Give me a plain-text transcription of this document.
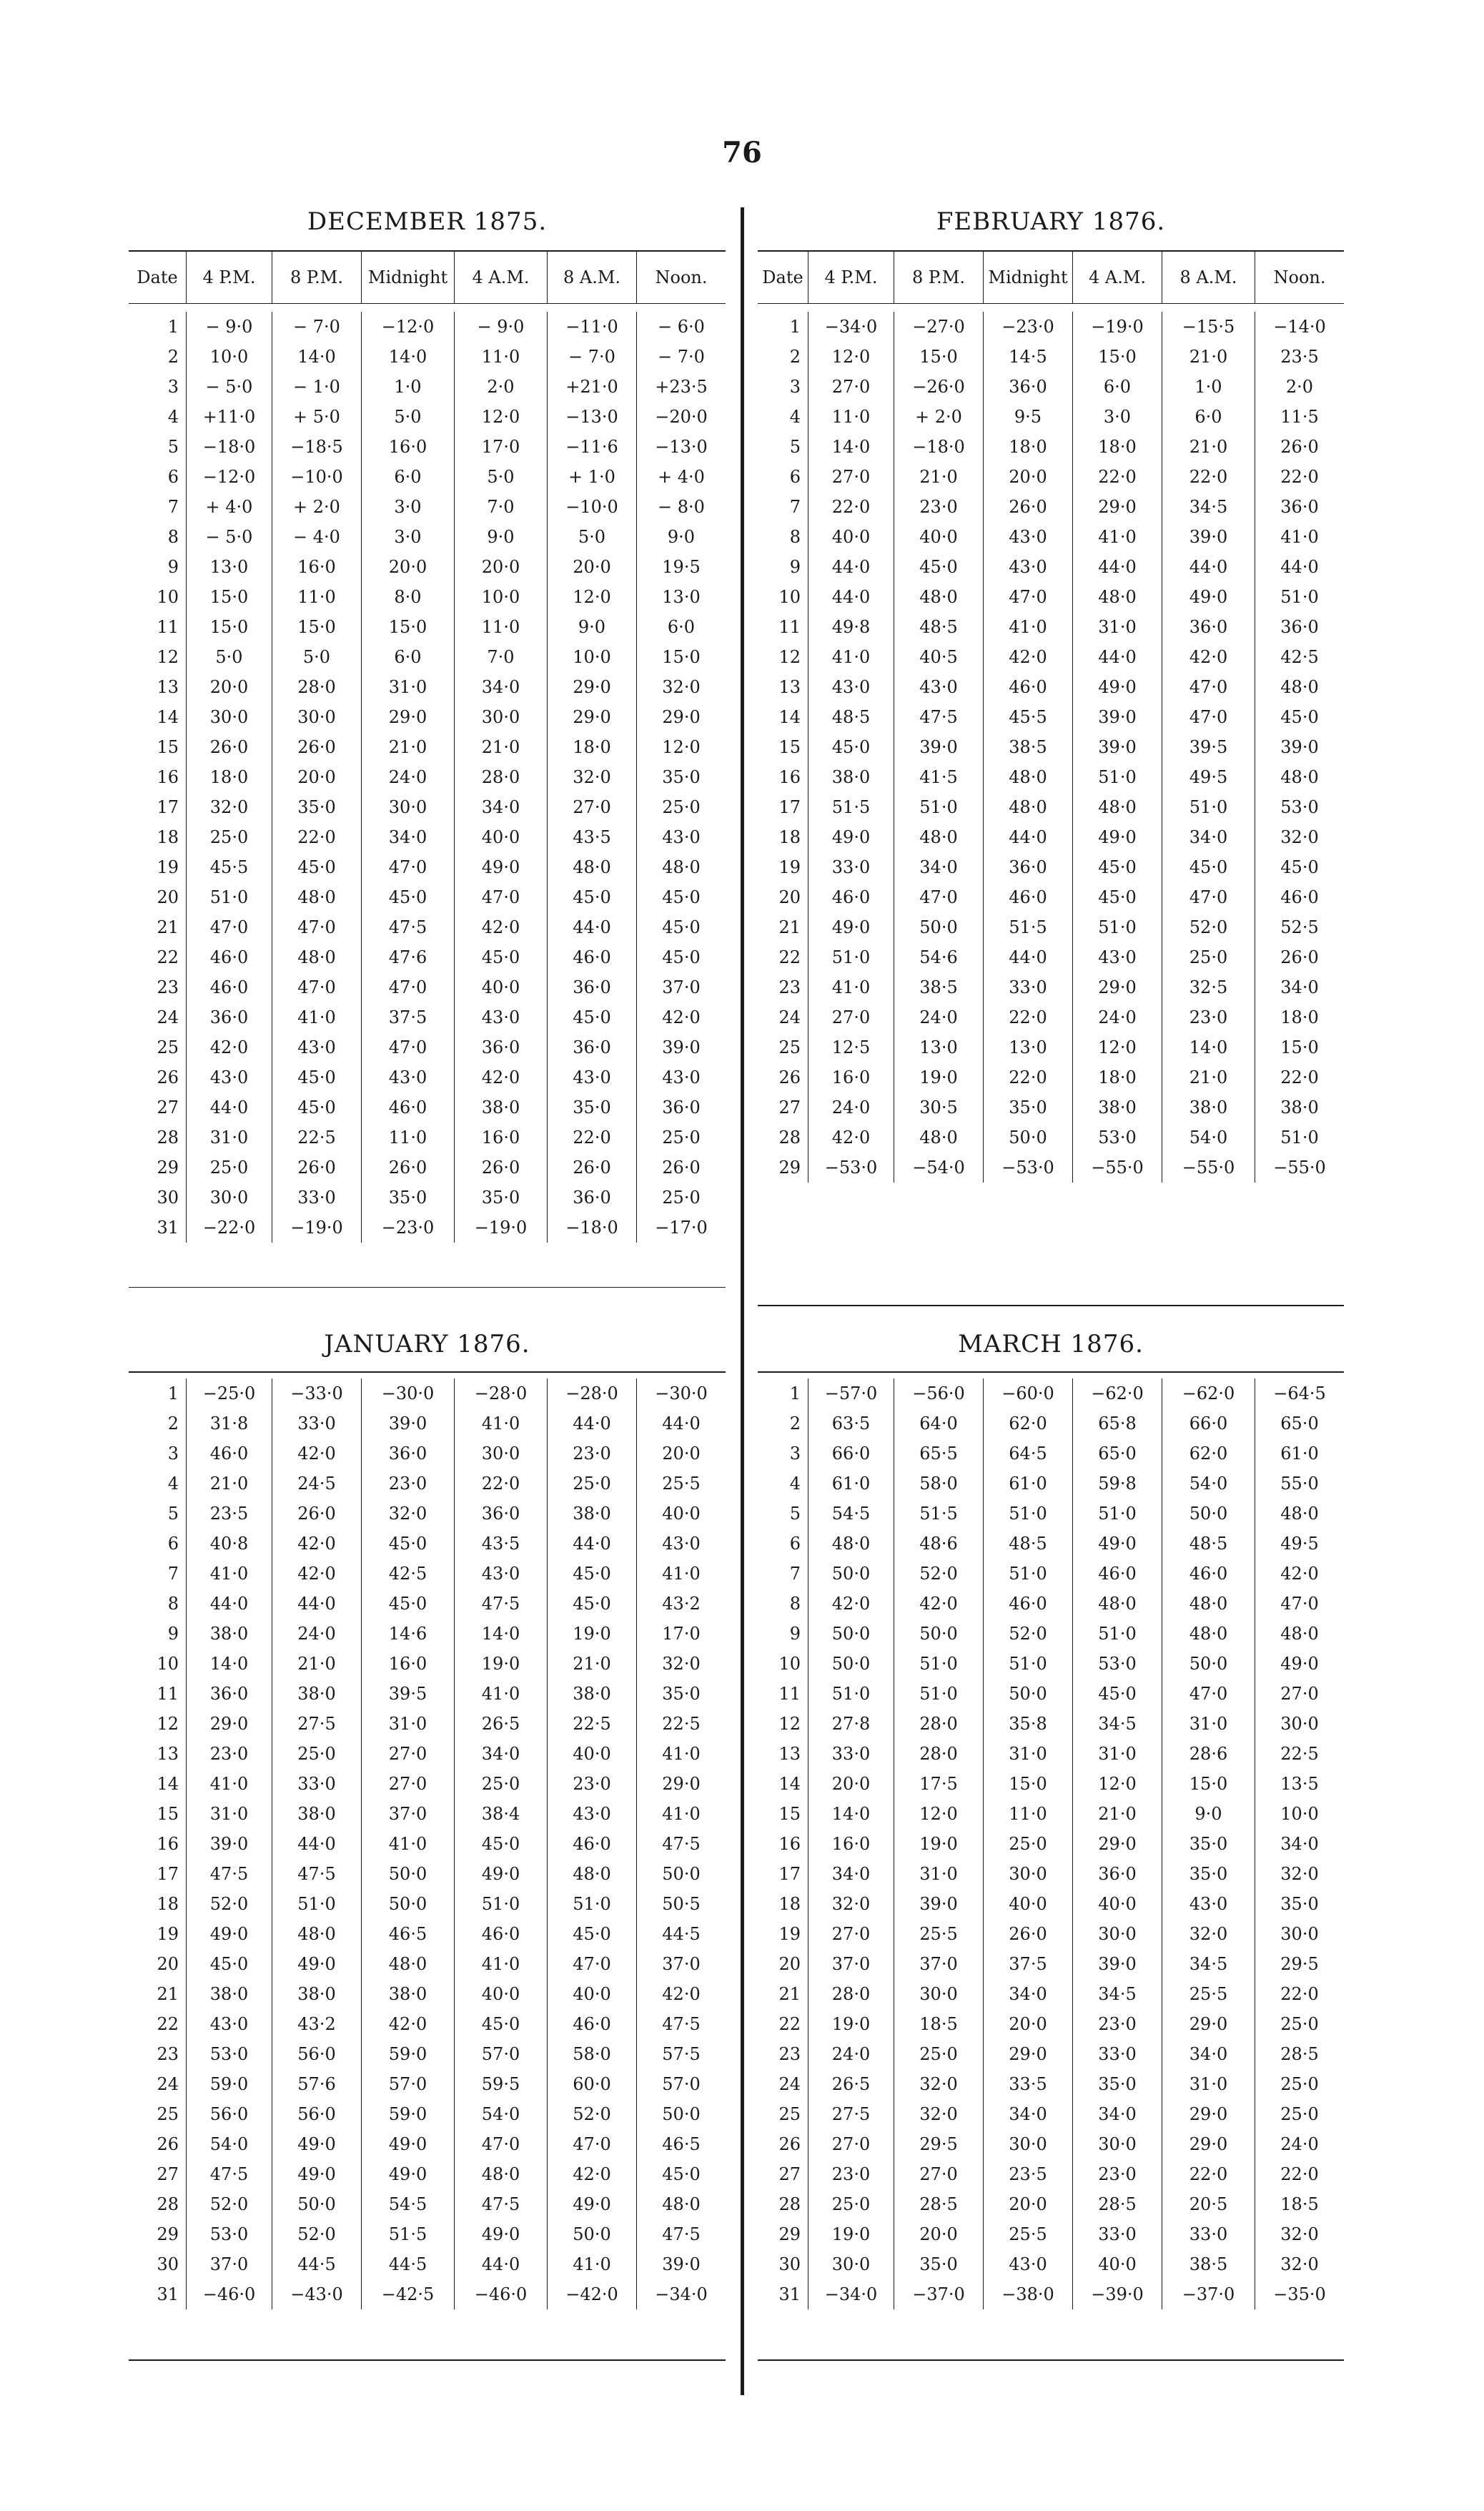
76
DECEMBER 1875.
Date	4 P.M.	8 P.M.	Midnight	4 A.M.	8 A.M.	Noon.
1	− 9·0	− 7·0	−12·0	− 9·0	−11·0	− 6·0
2	10·0	14·0	14·0	11·0	− 7·0	− 7·0
3	− 5·0	− 1·0	1·0	2·0	+21·0	+23·5
4	+11·0	+ 5·0	5·0	12·0	−13·0	−20·0
5	−18·0	−18·5	16·0	17·0	−11·6	−13·0
6	−12·0	−10·0	6·0	5·0	+ 1·0	+ 4·0
7	+ 4·0	+ 2·0	3·0	7·0	−10·0	− 8·0
8	− 5·0	− 4·0	3·0	9·0	5·0	9·0
9	13·0	16·0	20·0	20·0	20·0	19·5
10	15·0	11·0	8·0	10·0	12·0	13·0
11	15·0	15·0	15·0	11·0	9·0	6·0
12	5·0	5·0	6·0	7·0	10·0	15·0
13	20·0	28·0	31·0	34·0	29·0	32·0
14	30·0	30·0	29·0	30·0	29·0	29·0
15	26·0	26·0	21·0	21·0	18·0	12·0
16	18·0	20·0	24·0	28·0	32·0	35·0
17	32·0	35·0	30·0	34·0	27·0	25·0
18	25·0	22·0	34·0	40·0	43·5	43·0
19	45·5	45·0	47·0	49·0	48·0	48·0
20	51·0	48·0	45·0	47·0	45·0	45·0
21	47·0	47·0	47·5	42·0	44·0	45·0
22	46·0	48·0	47·6	45·0	46·0	45·0
23	46·0	47·0	47·0	40·0	36·0	37·0
24	36·0	41·0	37·5	43·0	45·0	42·0
25	42·0	43·0	47·0	36·0	36·0	39·0
26	43·0	45·0	43·0	42·0	43·0	43·0
27	44·0	45·0	46·0	38·0	35·0	36·0
28	31·0	22·5	11·0	16·0	22·0	25·0
29	25·0	26·0	26·0	26·0	26·0	26·0
30	30·0	33·0	35·0	35·0	36·0	25·0
31	−22·0	−19·0	−23·0	−19·0	−18·0	−17·0
FEBRUARY 1876.
Date	4 P.M.	8 P.M.	Midnight	4 A.M.	8 A.M.	Noon.
1	−34·0	−27·0	−23·0	−19·0	−15·5	−14·0
2	12·0	15·0	14·5	15·0	21·0	23·5
3	27·0	−26·0	36·0	6·0	1·0	2·0
4	11·0	+ 2·0	9·5	3·0	6·0	11·5
5	14·0	−18·0	18·0	18·0	21·0	26·0
6	27·0	21·0	20·0	22·0	22·0	22·0
7	22·0	23·0	26·0	29·0	34·5	36·0
8	40·0	40·0	43·0	41·0	39·0	41·0
9	44·0	45·0	43·0	44·0	44·0	44·0
10	44·0	48·0	47·0	48·0	49·0	51·0
11	49·8	48·5	41·0	31·0	36·0	36·0
12	41·0	40·5	42·0	44·0	42·0	42·5
13	43·0	43·0	46·0	49·0	47·0	48·0
14	48·5	47·5	45·5	39·0	47·0	45·0
15	45·0	39·0	38·5	39·0	39·5	39·0
16	38·0	41·5	48·0	51·0	49·5	48·0
17	51·5	51·0	48·0	48·0	51·0	53·0
18	49·0	48·0	44·0	49·0	34·0	32·0
19	33·0	34·0	36·0	45·0	45·0	45·0
20	46·0	47·0	46·0	45·0	47·0	46·0
21	49·0	50·0	51·5	51·0	52·0	52·5
22	51·0	54·6	44·0	43·0	25·0	26·0
23	41·0	38·5	33·0	29·0	32·5	34·0
24	27·0	24·0	22·0	24·0	23·0	18·0
25	12·5	13·0	13·0	12·0	14·0	15·0
26	16·0	19·0	22·0	18·0	21·0	22·0
27	24·0	30·5	35·0	38·0	38·0	38·0
28	42·0	48·0	50·0	53·0	54·0	51·0
29	−53·0	−54·0	−53·0	−55·0	−55·0	−55·0
JANUARY 1876.
1	−25·0	−33·0	−30·0	−28·0	−28·0	−30·0
2	31·8	33·0	39·0	41·0	44·0	44·0
3	46·0	42·0	36·0	30·0	23·0	20·0
4	21·0	24·5	23·0	22·0	25·0	25·5
5	23·5	26·0	32·0	36·0	38·0	40·0
6	40·8	42·0	45·0	43·5	44·0	43·0
7	41·0	42·0	42·5	43·0	45·0	41·0
8	44·0	44·0	45·0	47·5	45·0	43·2
9	38·0	24·0	14·6	14·0	19·0	17·0
10	14·0	21·0	16·0	19·0	21·0	32·0
11	36·0	38·0	39·5	41·0	38·0	35·0
12	29·0	27·5	31·0	26·5	22·5	22·5
13	23·0	25·0	27·0	34·0	40·0	41·0
14	41·0	33·0	27·0	25·0	23·0	29·0
15	31·0	38·0	37·0	38·4	43·0	41·0
16	39·0	44·0	41·0	45·0	46·0	47·5
17	47·5	47·5	50·0	49·0	48·0	50·0
18	52·0	51·0	50·0	51·0	51·0	50·5
19	49·0	48·0	46·5	46·0	45·0	44·5
20	45·0	49·0	48·0	41·0	47·0	37·0
21	38·0	38·0	38·0	40·0	40·0	42·0
22	43·0	43·2	42·0	45·0	46·0	47·5
23	53·0	56·0	59·0	57·0	58·0	57·5
24	59·0	57·6	57·0	59·5	60·0	57·0
25	56·0	56·0	59·0	54·0	52·0	50·0
26	54·0	49·0	49·0	47·0	47·0	46·5
27	47·5	49·0	49·0	48·0	42·0	45·0
28	52·0	50·0	54·5	47·5	49·0	48·0
29	53·0	52·0	51·5	49·0	50·0	47·5
30	37·0	44·5	44·5	44·0	41·0	39·0
31	−46·0	−43·0	−42·5	−46·0	−42·0	−34·0
MARCH 1876.
1	−57·0	−56·0	−60·0	−62·0	−62·0	−64·5
2	63·5	64·0	62·0	65·8	66·0	65·0
3	66·0	65·5	64·5	65·0	62·0	61·0
4	61·0	58·0	61·0	59·8	54·0	55·0
5	54·5	51·5	51·0	51·0	50·0	48·0
6	48·0	48·6	48·5	49·0	48·5	49·5
7	50·0	52·0	51·0	46·0	46·0	42·0
8	42·0	42·0	46·0	48·0	48·0	47·0
9	50·0	50·0	52·0	51·0	48·0	48·0
10	50·0	51·0	51·0	53·0	50·0	49·0
11	51·0	51·0	50·0	45·0	47·0	27·0
12	27·8	28·0	35·8	34·5	31·0	30·0
13	33·0	28·0	31·0	31·0	28·6	22·5
14	20·0	17·5	15·0	12·0	15·0	13·5
15	14·0	12·0	11·0	21·0	9·0	10·0
16	16·0	19·0	25·0	29·0	35·0	34·0
17	34·0	31·0	30·0	36·0	35·0	32·0
18	32·0	39·0	40·0	40·0	43·0	35·0
19	27·0	25·5	26·0	30·0	32·0	30·0
20	37·0	37·0	37·5	39·0	34·5	29·5
21	28·0	30·0	34·0	34·5	25·5	22·0
22	19·0	18·5	20·0	23·0	29·0	25·0
23	24·0	25·0	29·0	33·0	34·0	28·5
24	26·5	32·0	33·5	35·0	31·0	25·0
25	27·5	32·0	34·0	34·0	29·0	25·0
26	27·0	29·5	30·0	30·0	29·0	24·0
27	23·0	27·0	23·5	23·0	22·0	22·0
28	25·0	28·5	20·0	28·5	20·5	18·5
29	19·0	20·0	25·5	33·0	33·0	32·0
30	30·0	35·0	43·0	40·0	38·5	32·0
31	−34·0	−37·0	−38·0	−39·0	−37·0	−35·0
